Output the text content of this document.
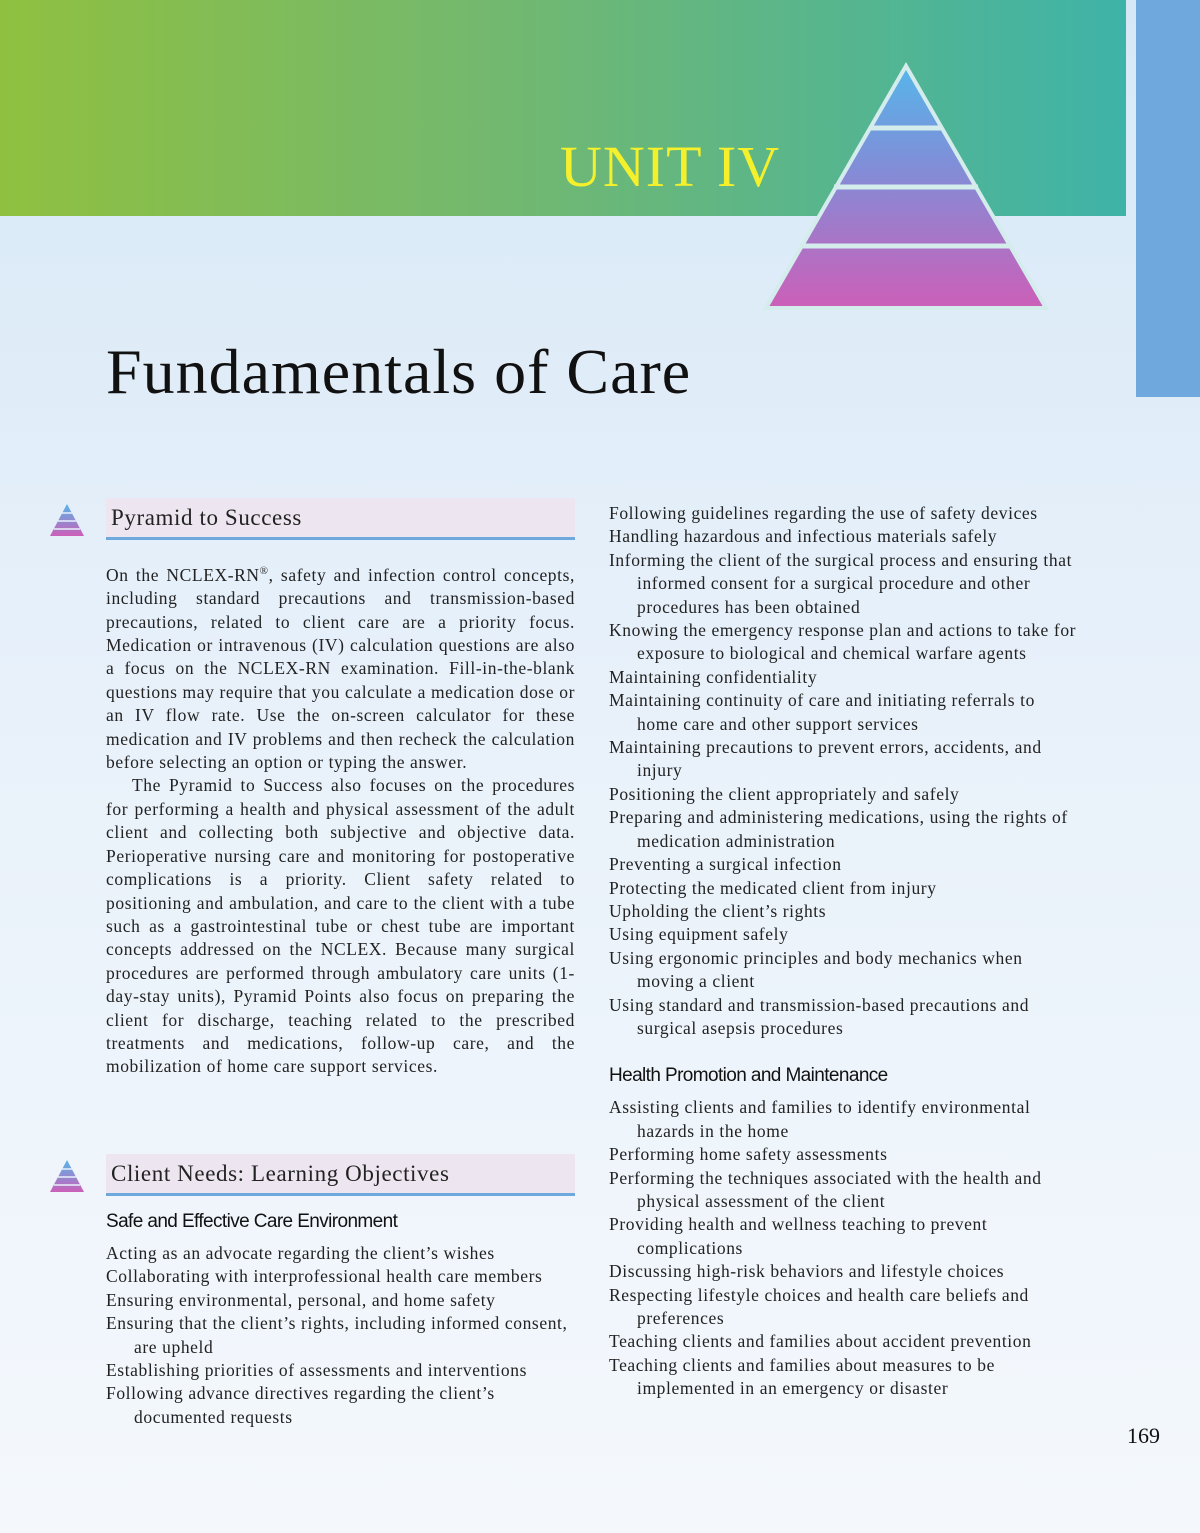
UNIT IV
Fundamentals of Care
Pyramid to Success

On the NCLEX-RN®, safety and infection control concepts, including standard precautions and transmission-based precautions, related to client care are a priority focus. Medication or intravenous (IV) calculation questions are also a focus on the NCLEX-RN examination. Fill-in-the-blank questions may require that you calculate a medication dose or an IV flow rate. Use the on-screen calculator for these medication and IV problems and then recheck the calculation before selecting an option or typing the answer.

The Pyramid to Success also focuses on the procedures for performing a health and physical assessment of the adult client and collecting both subjective and objective data. Perioperative nursing care and monitoring for postoperative complications is a priority. Client safety related to positioning and ambulation, and care to the client with a tube such as a gastrointestinal tube or chest tube are important concepts addressed on the NCLEX. Because many surgical procedures are performed through ambulatory care units (1-day-stay units), Pyramid Points also focus on preparing the client for discharge, teaching related to the prescribed treatments and medications, follow-up care, and the mobilization of home care support services.

Client Needs: Learning Objectives
Safe and Effective Care Environment
Acting as an advocate regarding the client’s wishes
Collaborating with interprofessional health care members
Ensuring environmental, personal, and home safety
Ensuring that the client’s rights, including informed consent, are upheld
Establishing priorities of assessments and interventions
Following advance directives regarding the client’s documented requests
Following guidelines regarding the use of safety devices
Handling hazardous and infectious materials safely
Informing the client of the surgical process and ensuring that informed consent for a surgical procedure and other procedures has been obtained
Knowing the emergency response plan and actions to take for exposure to biological and chemical warfare agents
Maintaining confidentiality
Maintaining continuity of care and initiating referrals to home care and other support services
Maintaining precautions to prevent errors, accidents, and injury
Positioning the client appropriately and safely
Preparing and administering medications, using the rights of medication administration
Preventing a surgical infection
Protecting the medicated client from injury
Upholding the client’s rights
Using equipment safely
Using ergonomic principles and body mechanics when moving a client
Using standard and transmission-based precautions and surgical asepsis procedures
Health Promotion and Maintenance
Assisting clients and families to identify environmental hazards in the home
Performing home safety assessments
Performing the techniques associated with the health and physical assessment of the client
Providing health and wellness teaching to prevent complications
Discussing high-risk behaviors and lifestyle choices
Respecting lifestyle choices and health care beliefs and preferences
Teaching clients and families about accident prevention
Teaching clients and families about measures to be implemented in an emergency or disaster
169
